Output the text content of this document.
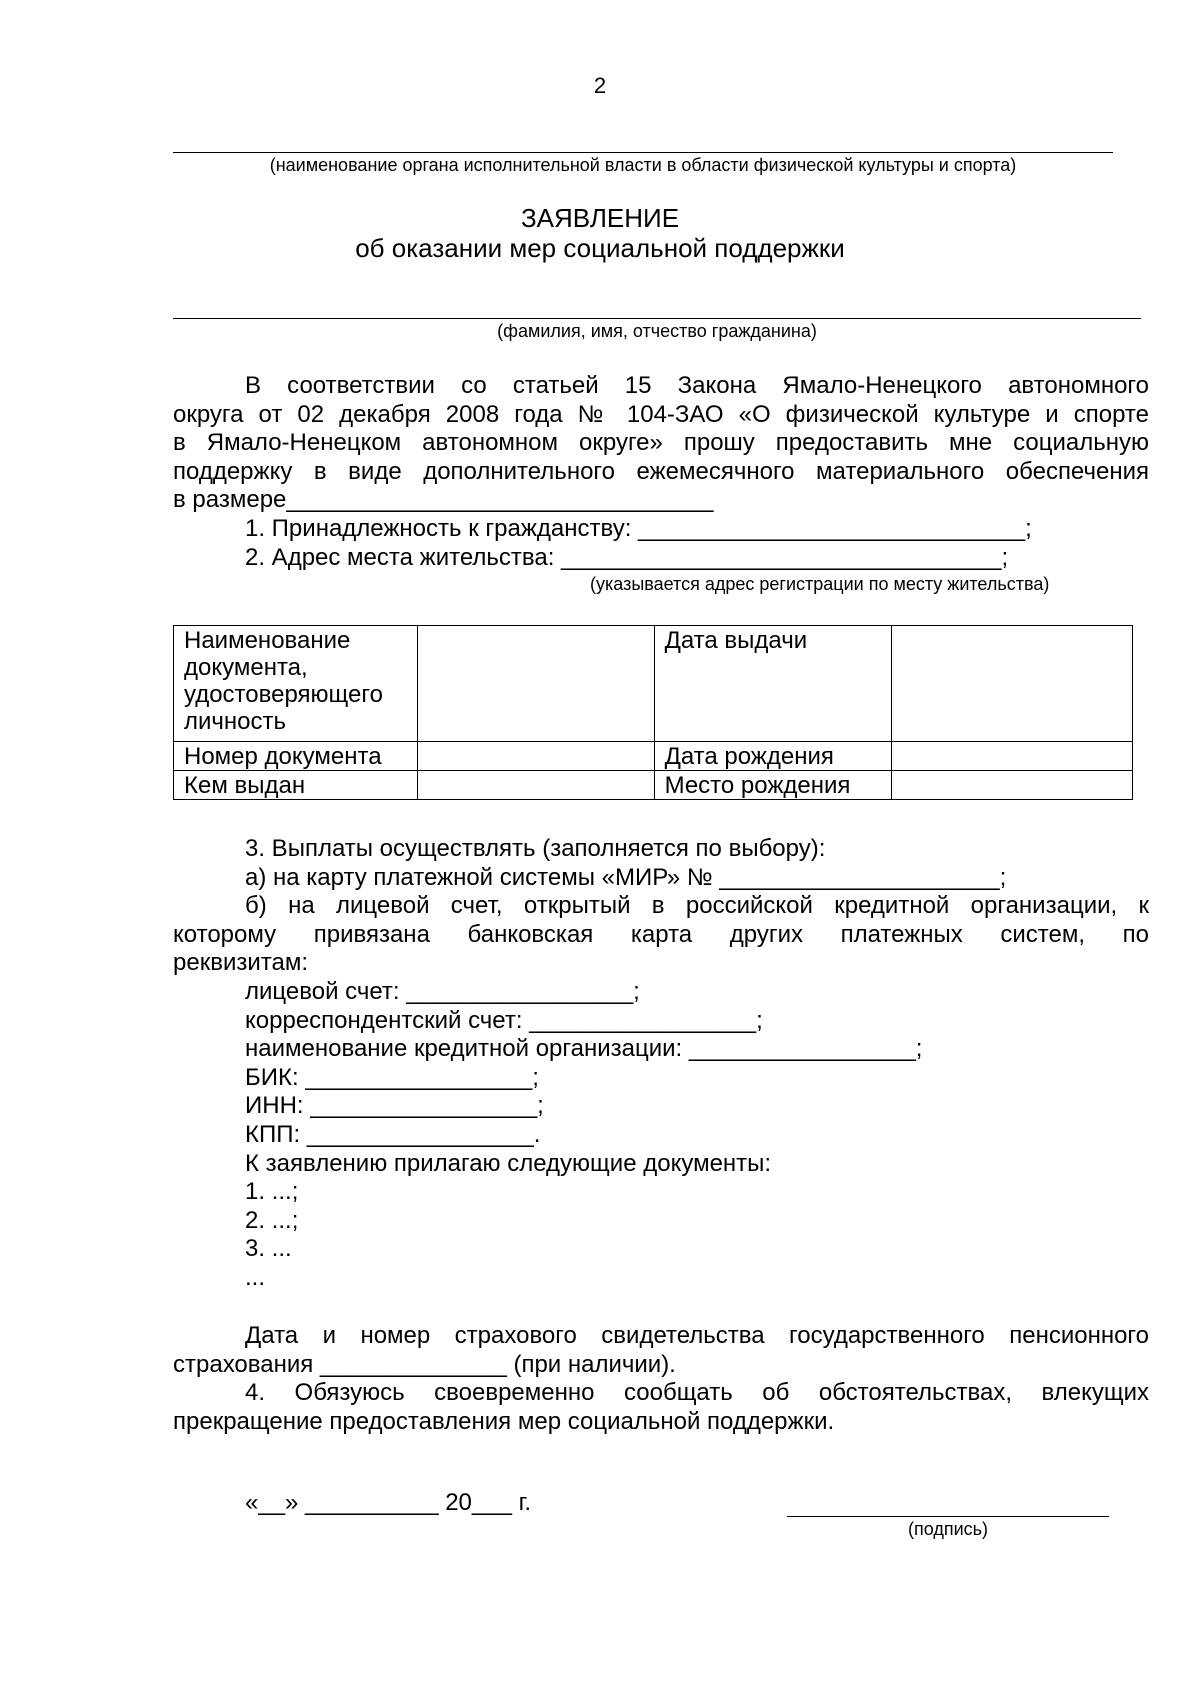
2
(наименование органа исполнительной власти в области физической культуры и спорта)
ЗАЯВЛЕНИЕ
об оказании мер социальной поддержки
(фамилия, имя, отчество гражданина)
В соответствии со статьей 15 Закона Ямало-Ненецкого автономного
округа от 02 декабря 2008 года № 104-ЗАО «О физической культуре и спорте
в Ямало-Ненецком автономном округе» прошу предоставить мне социальную
поддержку в виде дополнительного ежемесячного материального обеспечения
в размере________________________________
1. Принадлежность к гражданству: _____________________________;
2. Адрес места жительства: _________________________________;
(указывается адрес регистрации по месту жительства)
Наименование документа, удостоверяющего личность		Дата выдачи	
Номер документа		Дата рождения	
Кем выдан		Место рождения	
3. Выплаты осуществлять (заполняется по выбору):
а) на карту платежной системы «МИР» № _____________________;
б) на лицевой счет, открытый в российской кредитной организации, к
которому привязана банковская карта других платежных систем, по
реквизитам:
лицевой счет: _________________;
корреспондентский счет: _________________;
наименование кредитной организации: _________________;
БИК: _________________;
ИНН: _________________;
КПП: _________________.
К заявлению прилагаю следующие документы:
1. ...;
2. ...;
3. ...
...
Дата и номер страхового свидетельства государственного пенсионного
страхования ______________ (при наличии).
4. Обязуюсь своевременно сообщать об обстоятельствах, влекущих
прекращение предоставления мер социальной поддержки.
«__» __________ 20___ г.
(подпись)
